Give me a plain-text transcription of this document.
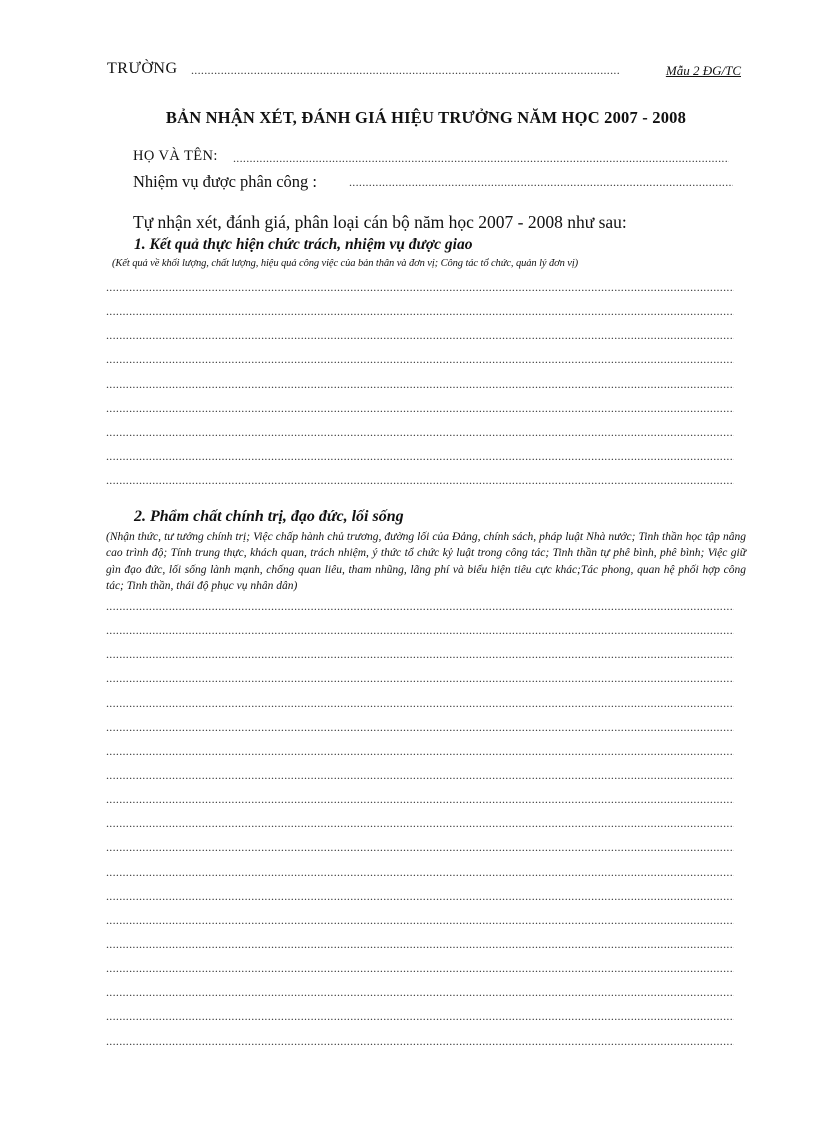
TRƯỜNG
.....	Mẫu 2 ĐG/TC
BẢN NHẬN XÉT, ĐÁNH GIÁ HIỆU TRƯỞNG NĂM HỌC 2007 - 2008
HỌ VÀ TÊN:
.....
Nhiệm vụ được phân công :
.....
Tự nhận xét, đánh giá, phân loại cán bộ năm học 2007 - 2008 như sau:
1. Kết quả thực hiện chức trách, nhiệm vụ được giao
(Kết quả về khối lượng, chất lượng, hiệu quả công việc của bản thân và đơn vị; Công tác tổ chức, quản lý đơn vị)
.....
.....
.....
.....
.....
.....
.....
.....
.....
2. Phẩm chất chính trị, đạo đức, lối sống
(Nhận thức, tư tưởng chính trị; Việc chấp hành chủ trương, đường lối của Đảng, chính sách, pháp luật Nhà nước; Tinh thần học tập nâng cao trình độ; Tính trung thực, khách quan, trách nhiệm, ý thức tổ chức kỷ luật trong công tác; Tinh thần tự phê bình, phê bình; Việc giữ gìn đạo đức, lối sống lành mạnh, chống quan liêu, tham nhũng, lãng phí và biểu hiện tiêu cực khác;Tác phong, quan hệ phối hợp công tác; Tinh thần, thái độ phục vụ nhân dân)
.....
.....
.....
.....
.....
.....
.....
.....
.....
.....
.....
.....
.....
.....
.....
.....
.....
.....
.....
